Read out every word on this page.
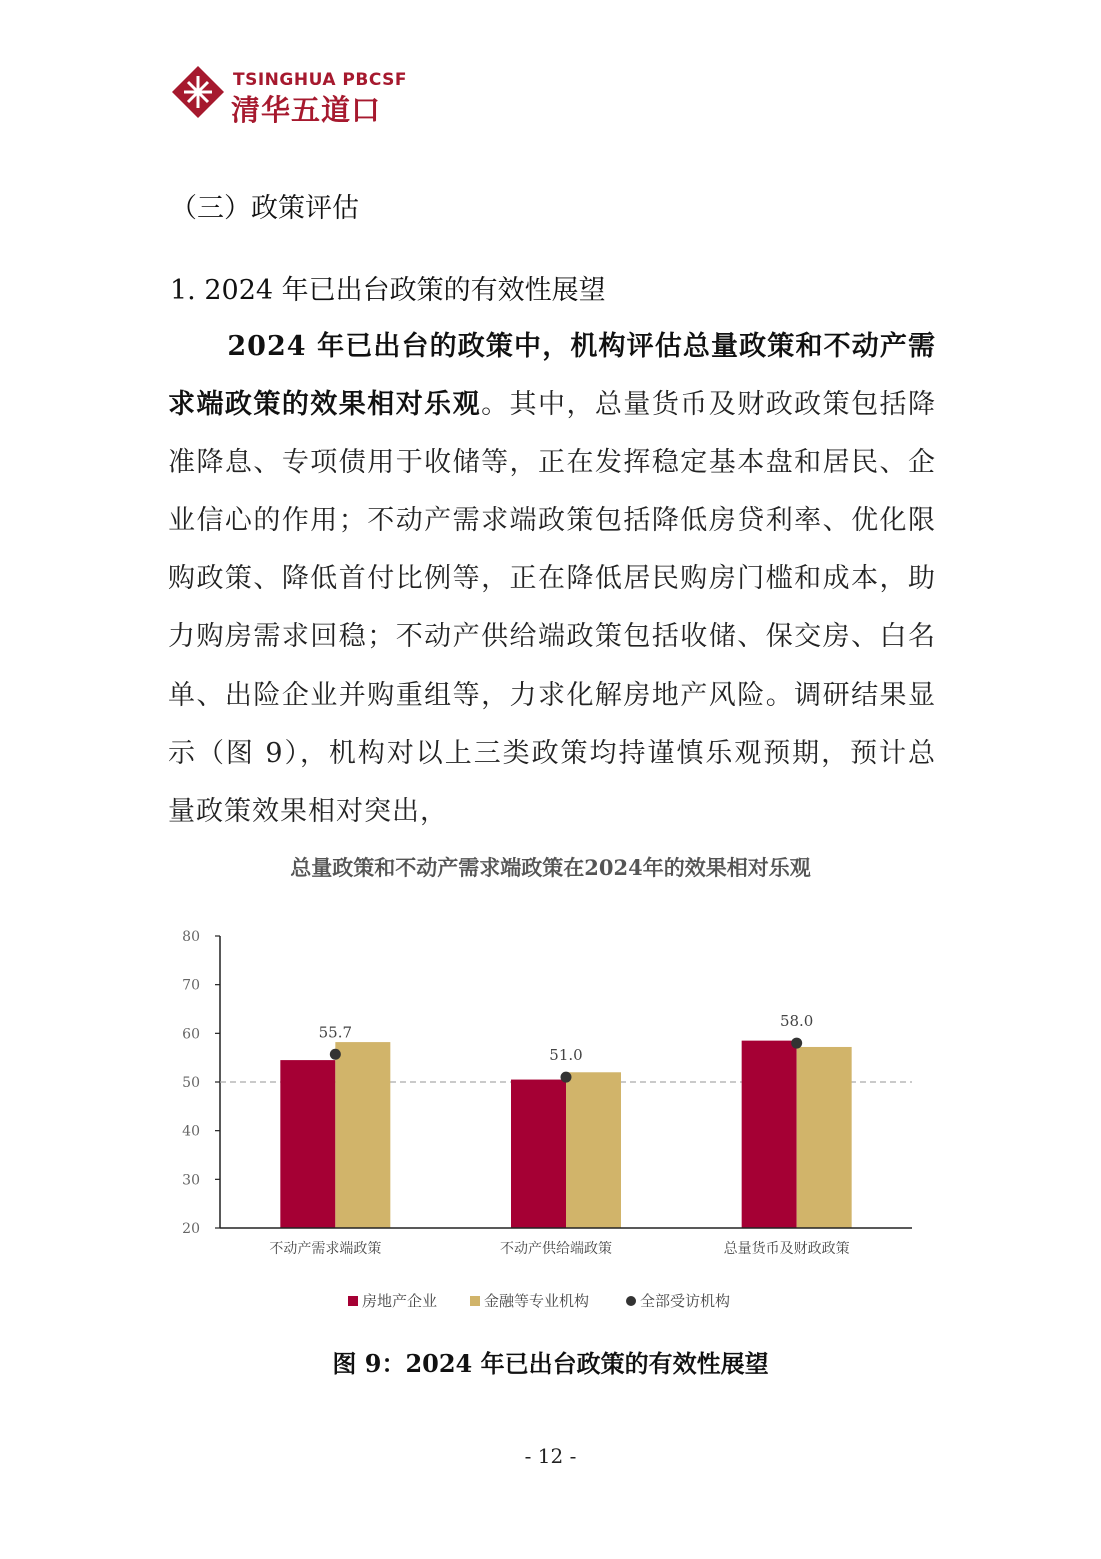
TSINGHUA PBCSF
清华五道口
（三）政策评估
1. 2024 年已出台政策的有效性展望

2024 年已出台的政策中，机构评估总量政策和不动产需求端政策的效果相对乐观。其中，总量货币及财政政策包括降准降息、专项债用于收储等，正在发挥稳定基本盘和居民、企业信心的作用；不动产需求端政策包括降低房贷利率、优化限购政策、降低首付比例等，正在降低居民购房门槛和成本，助力购房需求回稳；不动产供给端政策包括收储、保交房、白名单、出险企业并购重组等，力求化解房地产风险。调研结果显示（图 9），机构对以上三类政策均持谨慎乐观预期，预计总量政策效果相对突出，

总量政策和不动产需求端政策在2024年的效果相对乐观
20
30
40
50
60
70
80
55.7
51.0
58.0
不动产需求端政策	不动产供给端政策	总量货币及财政政策
房地产企业	金融等专业机构	全部受访机构
图 9：2024 年已出台政策的有效性展望
- 12 -
